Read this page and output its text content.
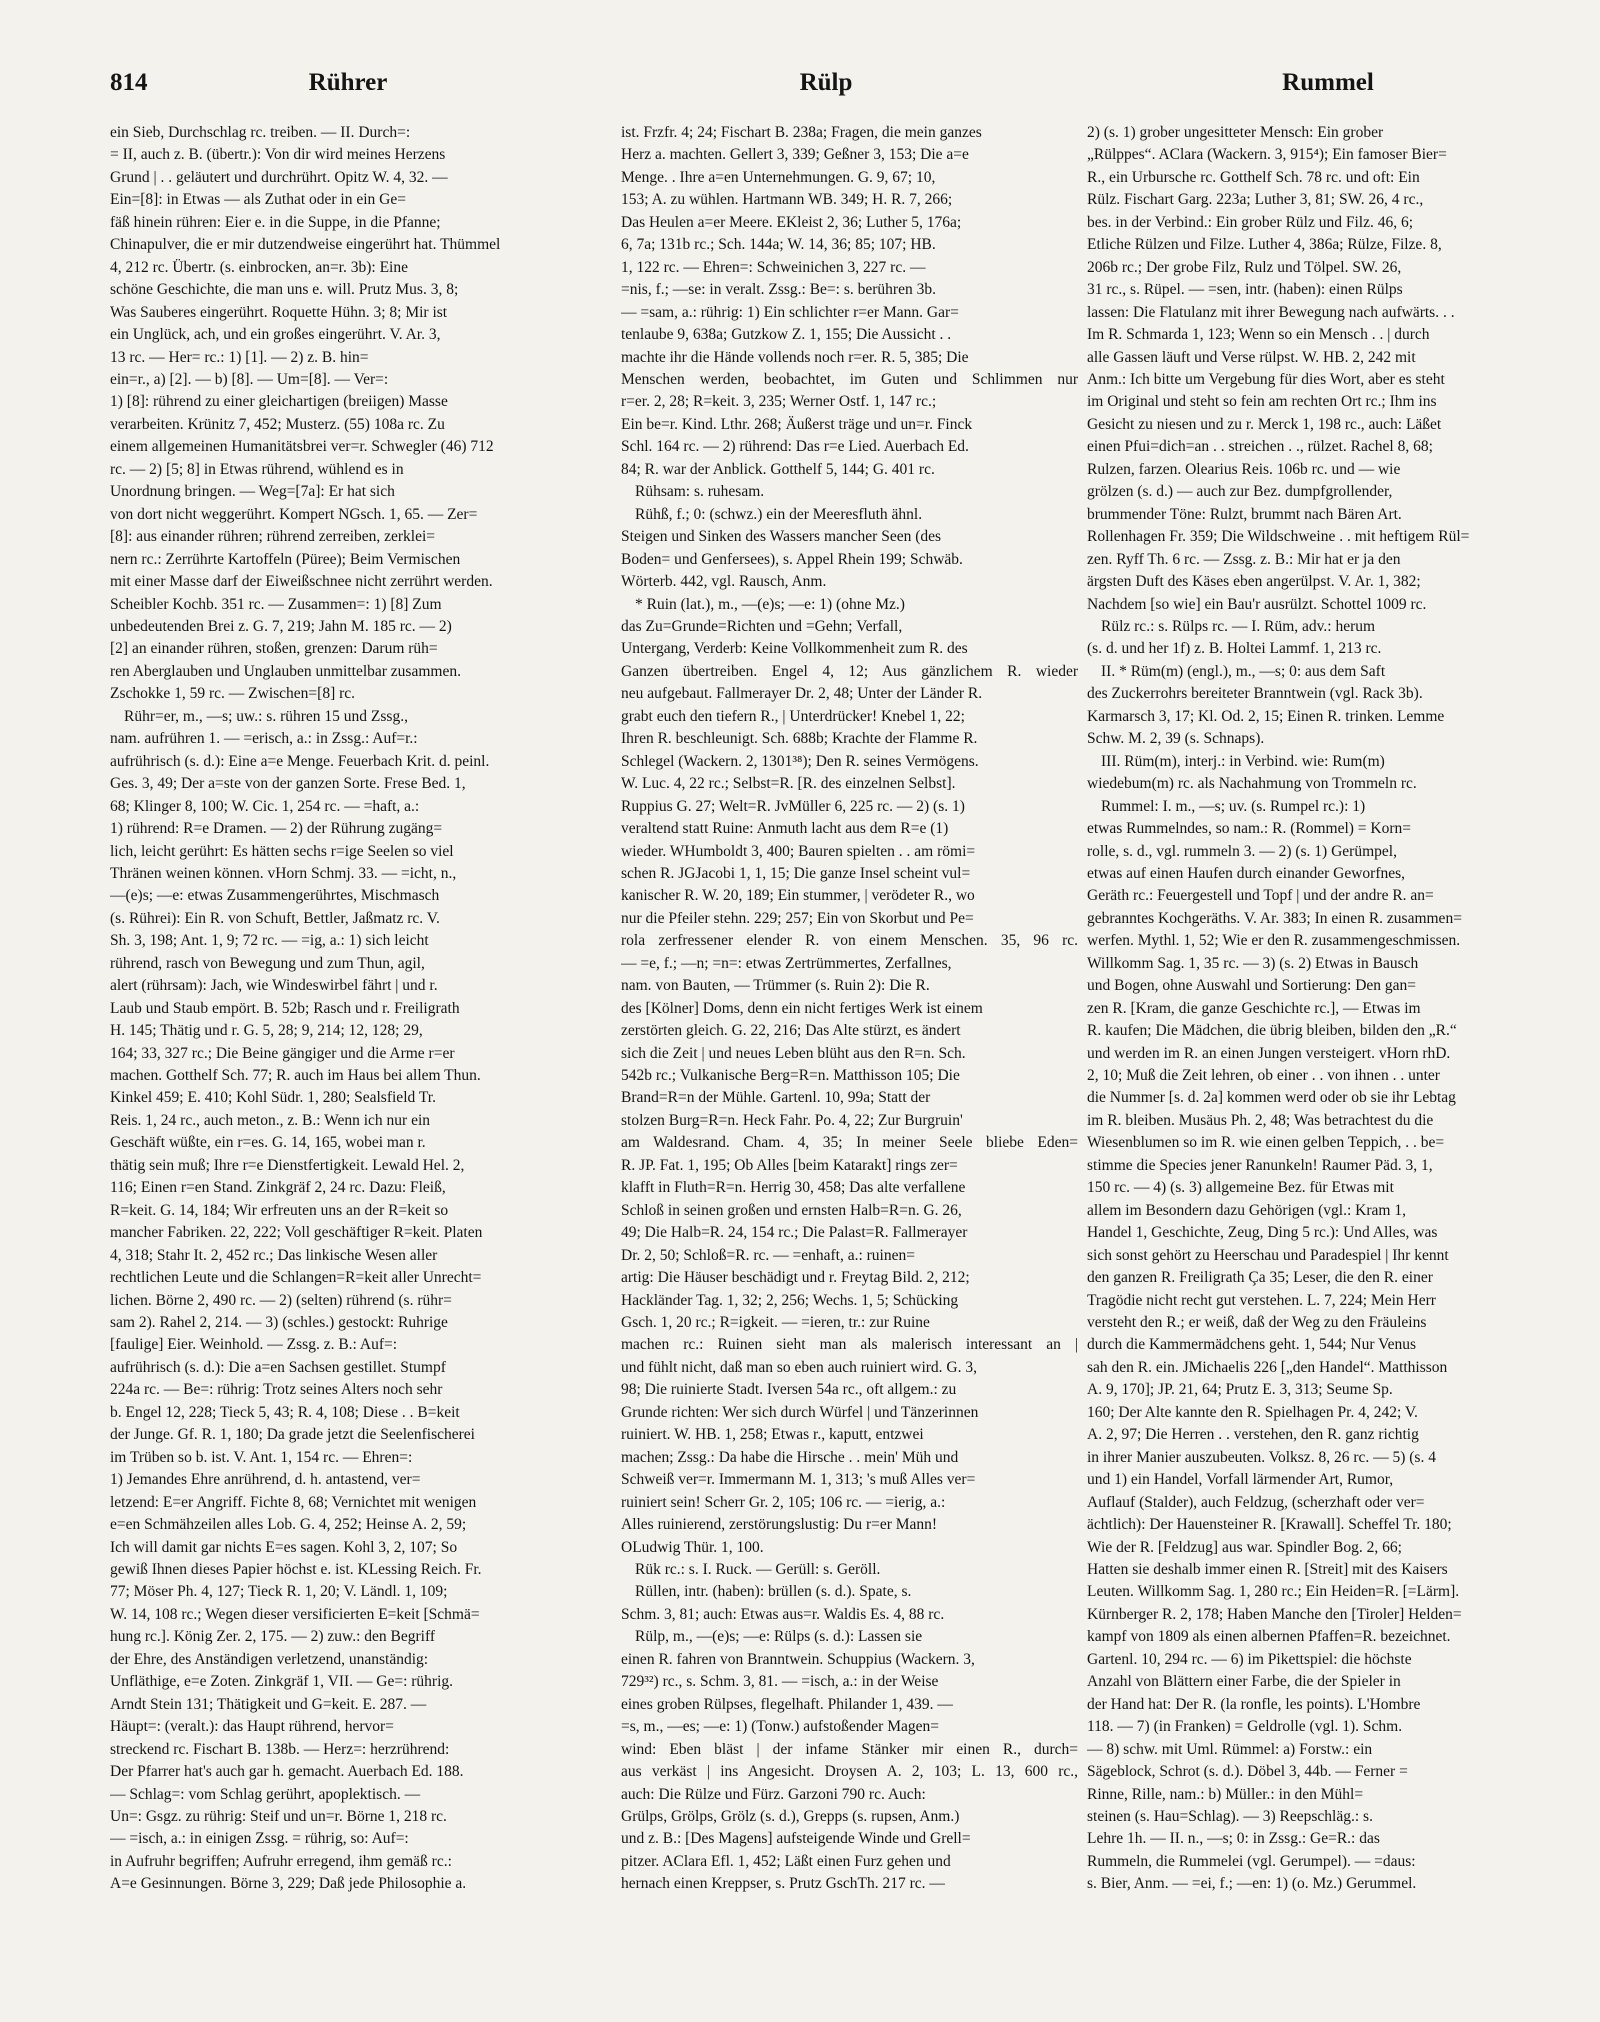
814	Rührer	Rülp	Rummel
ein Sieb, Durchschlag rc. treiben. — II. Durch=:
= II, auch z. B. (übertr.): Von dir wird meines Herzens
Grund | . . geläutert und durchrührt. Opitz W. 4, 32. —
Ein=[8]: in Etwas — als Zuthat oder in ein Ge=
fäß hinein rühren: Eier e. in die Suppe, in die Pfanne;
Chinapulver, die er mir dutzendweise eingerührt hat. Thümmel
4, 212 rc. Übertr. (s. einbrocken, an=r. 3b): Eine
schöne Geschichte, die man uns e. will. Prutz Mus. 3, 8;
Was Sauberes eingerührt. Roquette Hühn. 3; 8; Mir ist
ein Unglück, ach, und ein großes eingerührt. V. Ar. 3,
13 rc. — Her= rc.: 1) [1]. — 2) z. B. hin=
ein=r., a) [2]. — b) [8]. — Um=[8]. — Ver=:
1) [8]: rührend zu einer gleichartigen (breiigen) Masse
verarbeiten. Krünitz 7, 452; Musterz. (55) 108a rc. Zu
einem allgemeinen Humanitätsbrei ver=r. Schwegler (46) 712
rc. — 2) [5; 8] in Etwas rührend, wühlend es in
Unordnung bringen. — Weg=[7a]: Er hat sich
von dort nicht weggerührt. Kompert NGsch. 1, 65. — Zer=
[8]: aus einander rühren; rührend zerreiben, zerklei=
nern rc.: Zerrührte Kartoffeln (Püree); Beim Vermischen
mit einer Masse darf der Eiweißschnee nicht zerrührt werden.
Scheibler Kochb. 351 rc. — Zusammen=: 1) [8] Zum
unbedeutenden Brei z. G. 7, 219; Jahn M. 185 rc. — 2)
[2] an einander rühren, stoßen, grenzen: Darum rüh=
ren Aberglauben und Unglauben unmittelbar zusammen.
Zschokke 1, 59 rc. — Zwischen=[8] rc.
Rühr=er, m., —s; uw.: s. rühren 15 und Zssg.,
nam. aufrühren 1. — =erisch, a.: in Zssg.: Auf=r.:
aufrührisch (s. d.): Eine a=e Menge. Feuerbach Krit. d. peinl.
Ges. 3, 49; Der a=ste von der ganzen Sorte. Frese Bed. 1,
68; Klinger 8, 100; W. Cic. 1, 254 rc. — =haft, a.:
1) rührend: R=e Dramen. — 2) der Rührung zugäng=
lich, leicht gerührt: Es hätten sechs r=ige Seelen so viel
Thränen weinen können. vHorn Schmj. 33. — =icht, n.,
—(e)s; —e: etwas Zusammengerührtes, Mischmasch
(s. Rührei): Ein R. von Schuft, Bettler, Jaßmatz rc. V.
Sh. 3, 198; Ant. 1, 9; 72 rc. — =ig, a.: 1) sich leicht
rührend, rasch von Bewegung und zum Thun, agil,
alert (rührsam): Jach, wie Windeswirbel fährt | und r.
Laub und Staub empört. B. 52b; Rasch und r. Freiligrath
H. 145; Thätig und r. G. 5, 28; 9, 214; 12, 128; 29,
164; 33, 327 rc.; Die Beine gängiger und die Arme r=er
machen. Gotthelf Sch. 77; R. auch im Haus bei allem Thun.
Kinkel 459; E. 410; Kohl Südr. 1, 280; Sealsfield Tr.
Reis. 1, 24 rc., auch meton., z. B.: Wenn ich nur ein
Geschäft wüßte, ein r=es. G. 14, 165, wobei man r.
thätig sein muß; Ihre r=e Dienstfertigkeit. Lewald Hel. 2,
116; Einen r=en Stand. Zinkgräf 2, 24 rc. Dazu: Fleiß,
R=keit. G. 14, 184; Wir erfreuten uns an der R=keit so
mancher Fabriken. 22, 222; Voll geschäftiger R=keit. Platen
4, 318; Stahr It. 2, 452 rc.; Das linkische Wesen aller
rechtlichen Leute und die Schlangen=R=keit aller Unrecht=
lichen. Börne 2, 490 rc. — 2) (selten) rührend (s. rühr=
sam 2). Rahel 2, 214. — 3) (schles.) gestockt: Ruhrige
[faulige] Eier. Weinhold. — Zssg. z. B.: Auf=:
aufrührisch (s. d.): Die a=en Sachsen gestillet. Stumpf
224a rc. — Be=: rührig: Trotz seines Alters noch sehr
b. Engel 12, 228; Tieck 5, 43; R. 4, 108; Diese . . B=keit
der Junge. Gf. R. 1, 180; Da grade jetzt die Seelenfischerei
im Trüben so b. ist. V. Ant. 1, 154 rc. — Ehren=:
1) Jemandes Ehre anrührend, d. h. antastend, ver=
letzend: E=er Angriff. Fichte 8, 68; Vernichtet mit wenigen
e=en Schmähzeilen alles Lob. G. 4, 252; Heinse A. 2, 59;
Ich will damit gar nichts E=es sagen. Kohl 3, 2, 107; So
gewiß Ihnen dieses Papier höchst e. ist. KLessing Reich. Fr.
77; Möser Ph. 4, 127; Tieck R. 1, 20; V. Ländl. 1, 109;
W. 14, 108 rc.; Wegen dieser versificierten E=keit [Schmä=
hung rc.]. König Zer. 2, 175. — 2) zuw.: den Begriff
der Ehre, des Anständigen verletzend, unanständig:
Unfläthige, e=e Zoten. Zinkgräf 1, VII. — Ge=: rührig.
Arndt Stein 131; Thätigkeit und G=keit. E. 287. —
Häupt=: (veralt.): das Haupt rührend, hervor=
streckend rc. Fischart B. 138b. — Herz=: herzrührend:
Der Pfarrer hat's auch gar h. gemacht. Auerbach Ed. 188.
— Schlag=: vom Schlag gerührt, apoplektisch. —
Un=: Gsgz. zu rührig: Steif und un=r. Börne 1, 218 rc.
— =isch, a.: in einigen Zssg. = rührig, so: Auf=:
in Aufruhr begriffen; Aufruhr erregend, ihm gemäß rc.:
A=e Gesinnungen. Börne 3, 229; Daß jede Philosophie a.
ist. Frzfr. 4; 24; Fischart B. 238a; Fragen, die mein ganzes
Herz a. machten. Gellert 3, 339; Geßner 3, 153; Die a=e
Menge. . Ihre a=en Unternehmungen. G. 9, 67; 10,
153; A. zu wühlen. Hartmann WB. 349; H. R. 7, 266;
Das Heulen a=er Meere. EKleist 2, 36; Luther 5, 176a;
6, 7a; 131b rc.; Sch. 144a; W. 14, 36; 85; 107; HB.
1, 122 rc. — Ehren=: Schweinichen 3, 227 rc. —
=nis, f.; —se: in veralt. Zssg.: Be=: s. berühren 3b.
— =sam, a.: rührig: 1) Ein schlichter r=er Mann. Gar=
tenlaube 9, 638a; Gutzkow Z. 1, 155; Die Aussicht . .
machte ihr die Hände vollends noch r=er. R. 5, 385; Die
Menschen werden, beobachtet, im Guten und Schlimmen nur
r=er. 2, 28; R=keit. 3, 235; Werner Ostf. 1, 147 rc.;
Ein be=r. Kind. Lthr. 268; Äußerst träge und un=r. Finck
Schl. 164 rc. — 2) rührend: Das r=e Lied. Auerbach Ed.
84; R. war der Anblick. Gotthelf 5, 144; G. 401 rc.
Rühsam: s. ruhesam.
Rühß, f.; 0: (schwz.) ein der Meeresfluth ähnl.
Steigen und Sinken des Wassers mancher Seen (des
Boden= und Genfersees), s. Appel Rhein 199; Schwäb.
Wörterb. 442, vgl. Rausch, Anm.
* Ruin (lat.), m., —(e)s; —e: 1) (ohne Mz.)
das Zu=Grunde=Richten und =Gehn; Verfall,
Untergang, Verderb: Keine Vollkommenheit zum R. des
Ganzen übertreiben. Engel 4, 12; Aus gänzlichem R. wieder
neu aufgebaut. Fallmerayer Dr. 2, 48; Unter der Länder R.
grabt euch den tiefern R., | Unterdrücker! Knebel 1, 22;
Ihren R. beschleunigt. Sch. 688b; Krachte der Flamme R.
Schlegel (Wackern. 2, 1301³⁸); Den R. seines Vermögens.
W. Luc. 4, 22 rc.; Selbst=R. [R. des einzelnen Selbst].
Ruppius G. 27; Welt=R. JvMüller 6, 225 rc. — 2) (s. 1)
veraltend statt Ruine: Anmuth lacht aus dem R=e (1)
wieder. WHumboldt 3, 400; Bauren spielten . . am römi=
schen R. JGJacobi 1, 1, 15; Die ganze Insel scheint vul=
kanischer R. W. 20, 189; Ein stummer, | verödeter R., wo
nur die Pfeiler stehn. 229; 257; Ein von Skorbut und Pe=
rola zerfressener elender R. von einem Menschen. 35, 96 rc.
— =e, f.; —n; =n=: etwas Zertrümmertes, Zerfallnes,
nam. von Bauten, — Trümmer (s. Ruin 2): Die R.
des [Kölner] Doms, denn ein nicht fertiges Werk ist einem
zerstörten gleich. G. 22, 216; Das Alte stürzt, es ändert
sich die Zeit | und neues Leben blüht aus den R=n. Sch.
542b rc.; Vulkanische Berg=R=n. Matthisson 105; Die
Brand=R=n der Mühle. Gartenl. 10, 99a; Statt der
stolzen Burg=R=n. Heck Fahr. Po. 4, 22; Zur Burgruin'
am Waldesrand. Cham. 4, 35; In meiner Seele bliebe Eden=
R. JP. Fat. 1, 195; Ob Alles [beim Katarakt] rings zer=
klafft in Fluth=R=n. Herrig 30, 458; Das alte verfallene
Schloß in seinen großen und ernsten Halb=R=n. G. 26,
49; Die Halb=R. 24, 154 rc.; Die Palast=R. Fallmerayer
Dr. 2, 50; Schloß=R. rc. — =enhaft, a.: ruinen=
artig: Die Häuser beschädigt und r. Freytag Bild. 2, 212;
Hackländer Tag. 1, 32; 2, 256; Wechs. 1, 5; Schücking
Gsch. 1, 20 rc.; R=igkeit. — =ieren, tr.: zur Ruine
machen rc.: Ruinen sieht man als malerisch interessant an |
und fühlt nicht, daß man so eben auch ruiniert wird. G. 3,
98; Die ruinierte Stadt. Iversen 54a rc., oft allgem.: zu
Grunde richten: Wer sich durch Würfel | und Tänzerinnen
ruiniert. W. HB. 1, 258; Etwas r., kaputt, entzwei
machen; Zssg.: Da habe die Hirsche . . mein' Müh und
Schweiß ver=r. Immermann M. 1, 313; 's muß Alles ver=
ruiniert sein! Scherr Gr. 2, 105; 106 rc. — =ierig, a.:
Alles ruinierend, zerstörungslustig: Du r=er Mann!
OLudwig Thür. 1, 100.
Rük rc.: s. I. Ruck. — Gerüll: s. Geröll.
Rüllen, intr. (haben): brüllen (s. d.). Spate, s.
Schm. 3, 81; auch: Etwas aus=r. Waldis Es. 4, 88 rc.
Rülp, m., —(e)s; —e: Rülps (s. d.): Lassen sie
einen R. fahren von Branntwein. Schuppius (Wackern. 3,
729³²) rc., s. Schm. 3, 81. — =isch, a.: in der Weise
eines groben Rülpses, flegelhaft. Philander 1, 439. —
=s, m., —es; —e: 1) (Tonw.) aufstoßender Magen=
wind: Eben bläst | der infame Stänker mir einen R., durch=
aus verkäst | ins Angesicht. Droysen A. 2, 103; L. 13, 600 rc.,
auch: Die Rülze und Fürz. Garzoni 790 rc. Auch:
Grülps, Grölps, Grölz (s. d.), Grepps (s. rupsen, Anm.)
und z. B.: [Des Magens] aufsteigende Winde und Grell=
pitzer. AClara Efl. 1, 452; Läßt einen Furz gehen und
hernach einen Kreppser, s. Prutz GschTh. 217 rc. —
2) (s. 1) grober ungesitteter Mensch: Ein grober
„Rülppes“. AClara (Wackern. 3, 915⁴); Ein famoser Bier=
R., ein Urbursche rc. Gotthelf Sch. 78 rc. und oft: Ein
Rülz. Fischart Garg. 223a; Luther 3, 81; SW. 26, 4 rc.,
bes. in der Verbind.: Ein grober Rülz und Filz. 46, 6;
Etliche Rülzen und Filze. Luther 4, 386a; Rülze, Filze. 8,
206b rc.; Der grobe Filz, Rulz und Tölpel. SW. 26,
31 rc., s. Rüpel. — =sen, intr. (haben): einen Rülps
lassen: Die Flatulanz mit ihrer Bewegung nach aufwärts. . .
Im R. Schmarda 1, 123; Wenn so ein Mensch . . | durch
alle Gassen läuft und Verse rülpst. W. HB. 2, 242 mit
Anm.: Ich bitte um Vergebung für dies Wort, aber es steht
im Original und steht so fein am rechten Ort rc.; Ihm ins
Gesicht zu niesen und zu r. Merck 1, 198 rc., auch: Läßet
einen Pfui=dich=an . . streichen . ., rülzet. Rachel 8, 68;
Rulzen, farzen. Olearius Reis. 106b rc. und — wie
grölzen (s. d.) — auch zur Bez. dumpfgrollender,
brummender Töne: Rulzt, brummt nach Bären Art.
Rollenhagen Fr. 359; Die Wildschweine . . mit heftigem Rül=
zen. Ryff Th. 6 rc. — Zssg. z. B.: Mir hat er ja den
ärgsten Duft des Käses eben angerülpst. V. Ar. 1, 382;
Nachdem [so wie] ein Bau'r ausrülzt. Schottel 1009 rc.
Rülz rc.: s. Rülps rc. — I. Rüm, adv.: herum
(s. d. und her 1f) z. B. Holtei Lammf. 1, 213 rc.
II. * Rüm(m) (engl.), m., —s; 0: aus dem Saft
des Zuckerrohrs bereiteter Branntwein (vgl. Rack 3b).
Karmarsch 3, 17; Kl. Od. 2, 15; Einen R. trinken. Lemme
Schw. M. 2, 39 (s. Schnaps).
III. Rüm(m), interj.: in Verbind. wie: Rum(m)
wiedebum(m) rc. als Nachahmung von Trommeln rc.
Rummel: I. m., —s; uv. (s. Rumpel rc.): 1)
etwas Rummelndes, so nam.: R. (Rommel) = Korn=
rolle, s. d., vgl. rummeln 3. — 2) (s. 1) Gerümpel,
etwas auf einen Haufen durch einander Geworfnes,
Geräth rc.: Feuergestell und Topf | und der andre R. an=
gebranntes Kochgeräths. V. Ar. 383; In einen R. zusammen=
werfen. Mythl. 1, 52; Wie er den R. zusammengeschmissen.
Willkomm Sag. 1, 35 rc. — 3) (s. 2) Etwas in Bausch
und Bogen, ohne Auswahl und Sortierung: Den gan=
zen R. [Kram, die ganze Geschichte rc.], — Etwas im
R. kaufen; Die Mädchen, die übrig bleiben, bilden den „R.“
und werden im R. an einen Jungen versteigert. vHorn rhD.
2, 10; Muß die Zeit lehren, ob einer . . von ihnen . . unter
die Nummer [s. d. 2a] kommen werd oder ob sie ihr Lebtag
im R. bleiben. Musäus Ph. 2, 48; Was betrachtest du die
Wiesenblumen so im R. wie einen gelben Teppich, . . be=
stimme die Species jener Ranunkeln! Raumer Päd. 3, 1,
150 rc. — 4) (s. 3) allgemeine Bez. für Etwas mit
allem im Besondern dazu Gehörigen (vgl.: Kram 1,
Handel 1, Geschichte, Zeug, Ding 5 rc.): Und Alles, was
sich sonst gehört zu Heerschau und Paradespiel | Ihr kennt
den ganzen R. Freiligrath Ça 35; Leser, die den R. einer
Tragödie nicht recht gut verstehen. L. 7, 224; Mein Herr
versteht den R.; er weiß, daß der Weg zu den Fräuleins
durch die Kammermädchens geht. 1, 544; Nur Venus
sah den R. ein. JMichaelis 226 [„den Handel“. Matthisson
A. 9, 170]; JP. 21, 64; Prutz E. 3, 313; Seume Sp.
160; Der Alte kannte den R. Spielhagen Pr. 4, 242; V.
A. 2, 97; Die Herren . . verstehen, den R. ganz richtig
in ihrer Manier auszubeuten. Volksz. 8, 26 rc. — 5) (s. 4
und 1) ein Handel, Vorfall lärmender Art, Rumor,
Auflauf (Stalder), auch Feldzug, (scherzhaft oder ver=
ächtlich): Der Hauensteiner R. [Krawall]. Scheffel Tr. 180;
Wie der R. [Feldzug] aus war. Spindler Bog. 2, 66;
Hatten sie deshalb immer einen R. [Streit] mit des Kaisers
Leuten. Willkomm Sag. 1, 280 rc.; Ein Heiden=R. [=Lärm].
Kürnberger R. 2, 178; Haben Manche den [Tiroler] Helden=
kampf von 1809 als einen albernen Pfaffen=R. bezeichnet.
Gartenl. 10, 294 rc. — 6) im Pikettspiel: die höchste
Anzahl von Blättern einer Farbe, die der Spieler in
der Hand hat: Der R. (la ronfle, les points). L'Hombre
118. — 7) (in Franken) = Geldrolle (vgl. 1). Schm.
— 8) schw. mit Uml. Rümmel: a) Forstw.: ein
Sägeblock, Schrot (s. d.). Döbel 3, 44b. — Ferner =
Rinne, Rille, nam.: b) Müller.: in den Mühl=
steinen (s. Hau=Schlag). — 3) Reepschläg.: s.
Lehre 1h. — II. n., —s; 0: in Zssg.: Ge=R.: das
Rummeln, die Rummelei (vgl. Gerumpel). — =daus:
s. Bier, Anm. — =ei, f.; —en: 1) (o. Mz.) Gerummel.
